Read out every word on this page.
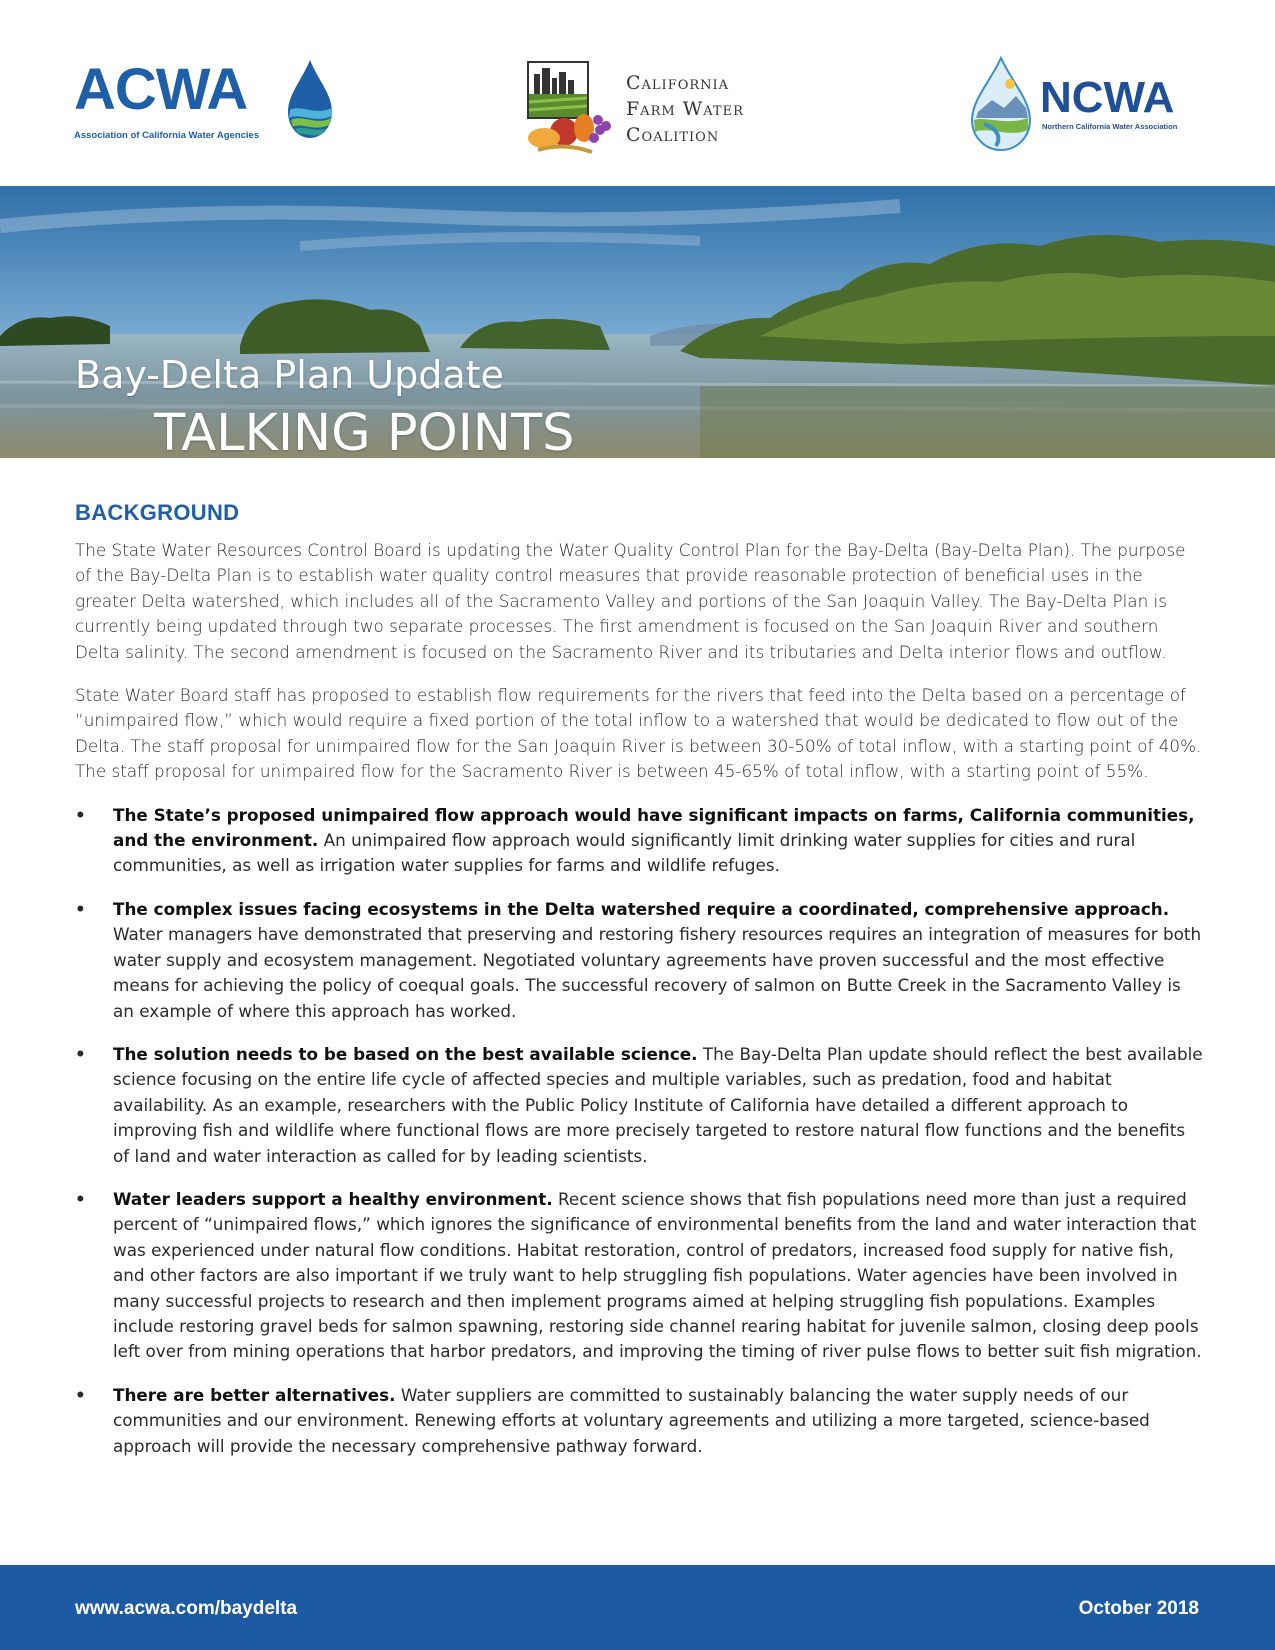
ACWA
Association of California Water Agencies
California
Farm Water
Coalition
NCWA
Northern California Water Association
Bay-Delta Plan Update
TALKING POINTS
BACKGROUND

The State Water Resources Control Board is updating the Water Quality Control Plan for the Bay-Delta (Bay-Delta Plan). The purpose of the Bay-Delta Plan is to establish water quality control measures that provide reasonable protection of beneficial uses in the greater Delta watershed, which includes all of the Sacramento Valley and portions of the San Joaquin Valley. The Bay-Delta Plan is currently being updated through two separate processes. The first amendment is focused on the San Joaquin River and southern Delta salinity. The second amendment is focused on the Sacramento River and its tributaries and Delta interior flows and outflow.

State Water Board staff has proposed to establish flow requirements for the rivers that feed into the Delta based on a percentage of “unimpaired flow,” which would require a fixed portion of the total inflow to a watershed that would be dedicated to flow out of the Delta. The staff proposal for unimpaired flow for the San Joaquin River is between 30-50% of total inflow, with a starting point of 40%. The staff proposal for unimpaired flow for the Sacramento River is between 45-65% of total inflow, with a starting point of 55%.

• The State’s proposed unimpaired flow approach would have significant impacts on farms, California communities, and the environment. An unimpaired flow approach would significantly limit drinking water supplies for cities and rural communities, as well as irrigation water supplies for farms and wildlife refuges.
• The complex issues facing ecosystems in the Delta watershed require a coordinated, comprehensive approach. Water managers have demonstrated that preserving and restoring fishery resources requires an integration of measures for both water supply and ecosystem management. Negotiated voluntary agreements have proven successful and the most effective means for achieving the policy of coequal goals. The successful recovery of salmon on Butte Creek in the Sacramento Valley is an example of where this approach has worked.
• The solution needs to be based on the best available science. The Bay-Delta Plan update should reflect the best available science focusing on the entire life cycle of affected species and multiple variables, such as predation, food and habitat availability. As an example, researchers with the Public Policy Institute of California have detailed a different approach to improving fish and wildlife where functional flows are more precisely targeted to restore natural flow functions and the benefits of land and water interaction as called for by leading scientists.
• Water leaders support a healthy environment. Recent science shows that fish populations need more than just a required percent of “unimpaired flows,” which ignores the significance of environmental benefits from the land and water interaction that was experienced under natural flow conditions. Habitat restoration, control of predators, increased food supply for native fish, and other factors are also important if we truly want to help struggling fish populations. Water agencies have been involved in many successful projects to research and then implement programs aimed at helping struggling fish populations. Examples include restoring gravel beds for salmon spawning, restoring side channel rearing habitat for juvenile salmon, closing deep pools left over from mining operations that harbor predators, and improving the timing of river pulse flows to better suit fish migration.
• There are better alternatives. Water suppliers are committed to sustainably balancing the water supply needs of our communities and our environment. Renewing efforts at voluntary agreements and utilizing a more targeted, science-based approach will provide the necessary comprehensive pathway forward.
www.acwa.com/baydelta	October 2018
